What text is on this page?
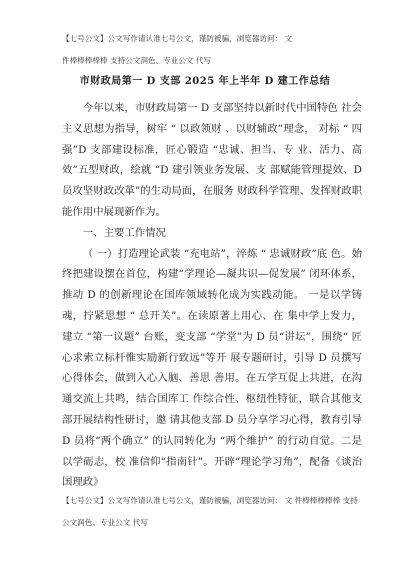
【七号公文】公文写作请认准七号公文，谨防被骗，浏览器访问： 文
件棒棒棒棒棒 支持公文润色、专业公文 代写
市财政局第一 D 支部 2025 年上半年 D 建工作总结

今年以来，市财政局第一 D 支部坚持以新时代中国特色 社会主义思想为指导，树牢 “ 以政领财 、以财辅政”理念， 对标 “ 四强”D 支部建设标准，匠心锻造 “忠诚、担当、专 业、活力、高效”五型财政，绘就 “D 建引领业务发展、支 部赋能管理提效、D 员攻坚财政改革”的生动局面，在服务 财政科学管理、发挥财政职能作用中展现新作为。

一、主要工作情况

（ 一）打造理论武装 “充电站”，淬炼 “ 忠诚财政”底 色。始终把建设摆在首位，构建“学理论—凝共识—促发展” 闭环体系，推动 D 的创新理论在国库领域转化成为实践动能。 一是以学铸魂，拧紧思想 “ 总开关”。在读原著上用心、在 集中学上发力，建立 “第一议题” 台账，变支部 “学堂”为 D 员“讲坛”，围绕“ 匠心求索立标杆惟实励新行致远”等开 展专题研讨，引导 D 员撰写心得体会，做到入心入脑、善思 善用。在五学互促上共进，在沟通交流上共鸣，结合国库工 作综合性、枢纽性特征，联合其他支部开展结构性研讨，邀 请其他支部 D 员分享学习心得，教育引导 D 员将“两个确立” 的认同转化为 “两个维护” 的行动自觉。二是以学砺志，校 准信仰“指南针”。开辟“理论学习角”，配备《谈治国理政》

【七号公文】公文写作请认准七号公文，谨防被骗，浏览器访问： 文 件棒棒棒棒棒 支持
公文润色、专业公文 代写
